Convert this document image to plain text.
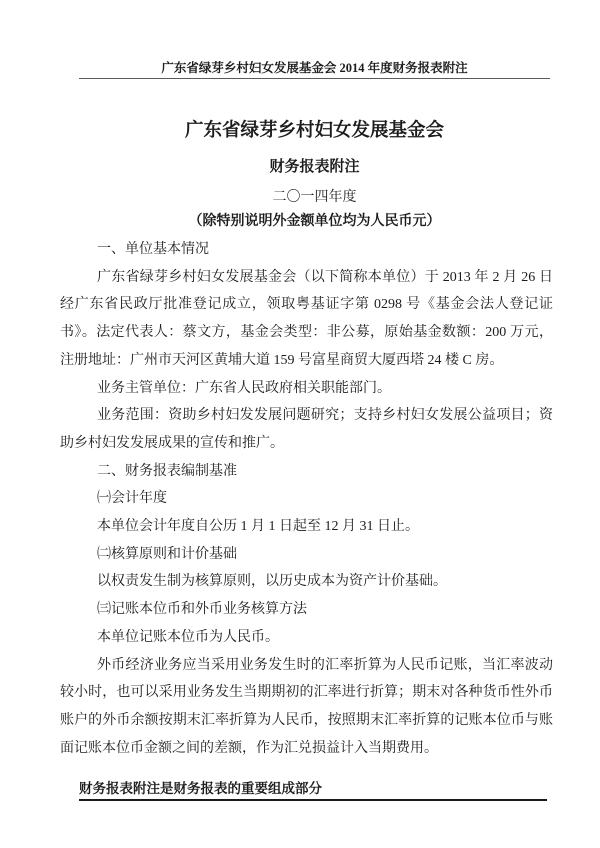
广东省绿芽乡村妇女发展基金会 2014 年度财务报表附注
广东省绿芽乡村妇女发展基金会
财务报表附注

二〇一四年度

（除特别说明外金额单位均为人民币元）

一、单位基本情况

广东省绿芽乡村妇女发展基金会（以下简称本单位）于 2013 年 2 月 26 日经广东省民政厅批准登记成立，领取粤基证字第 0298 号《基金会法人登记证书》。法定代表人：蔡文方，基金会类型：非公募，原始基金数额：200 万元，注册地址：广州市天河区黄埔大道 159 号富星商贸大厦西塔 24 楼 C 房。

业务主管单位：广东省人民政府相关职能部门。

业务范围：资助乡村妇发发展问题研究；支持乡村妇女发展公益项目；资助乡村妇发发展成果的宣传和推广。

二、财务报表编制基准

㈠会计年度

本单位会计年度自公历 1 月 1 日起至 12 月 31 日止。

㈡核算原则和计价基础

以权责发生制为核算原则，以历史成本为资产计价基础。

㈢记账本位币和外币业务核算方法

本单位记账本位币为人民币。

外币经济业务应当采用业务发生时的汇率折算为人民币记账，当汇率波动较小时，也可以采用业务发生当期期初的汇率进行折算；期末对各种货币性外币账户的外币余额按期末汇率折算为人民币，按照期末汇率折算的记账本位币与账面记账本位币金额之间的差额，作为汇兑损益计入当期费用。

财务报表附注是财务报表的重要组成部分
